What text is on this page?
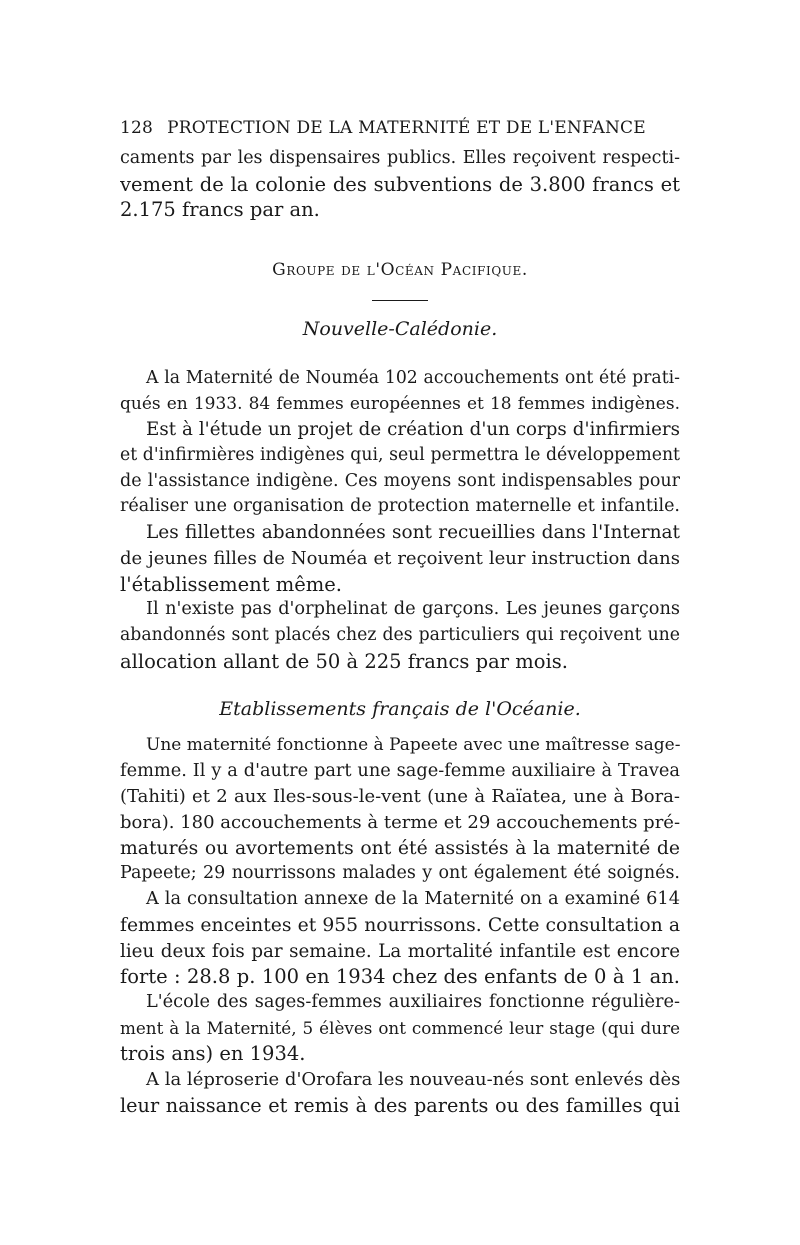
128 PROTECTION DE LA MATERNITÉ ET DE L'ENFANCE
caments par les dispensaires publics. Elles reçoivent respecti-
vement de la colonie des subventions de 3.800 francs et
2.175 francs par an.
Groupe de l'Océan Pacifique.
Nouvelle-Calédonie.
A la Maternité de Nouméa 102 accouchements ont été prati-
qués en 1933. 84 femmes européennes et 18 femmes indigènes.
Est à l'étude un projet de création d'un corps d'infirmiers
et d'infirmières indigènes qui, seul permettra le développement
de l'assistance indigène. Ces moyens sont indispensables pour
réaliser une organisation de protection maternelle et infantile.
Les fillettes abandonnées sont recueillies dans l'Internat
de jeunes filles de Nouméa et reçoivent leur instruction dans
l'établissement même.
Il n'existe pas d'orphelinat de garçons. Les jeunes garçons
abandonnés sont placés chez des particuliers qui reçoivent une
allocation allant de 50 à 225 francs par mois.
Etablissements français de l'Océanie.
Une maternité fonctionne à Papeete avec une maîtresse sage-
femme. Il y a d'autre part une sage-femme auxiliaire à Travea
(Tahiti) et 2 aux Iles-sous-le-vent (une à Raïatea, une à Bora-
bora). 180 accouchements à terme et 29 accouchements pré-
maturés ou avortements ont été assistés à la maternité de
Papeete; 29 nourrissons malades y ont également été soignés.
A la consultation annexe de la Maternité on a examiné 614
femmes enceintes et 955 nourrissons. Cette consultation a
lieu deux fois par semaine. La mortalité infantile est encore
forte : 28.8 p. 100 en 1934 chez des enfants de 0 à 1 an.
L'école des sages-femmes auxiliaires fonctionne régulière-
ment à la Maternité, 5 élèves ont commencé leur stage (qui dure
trois ans) en 1934.
A la léproserie d'Orofara les nouveau-nés sont enlevés dès
leur naissance et remis à des parents ou des familles qui
